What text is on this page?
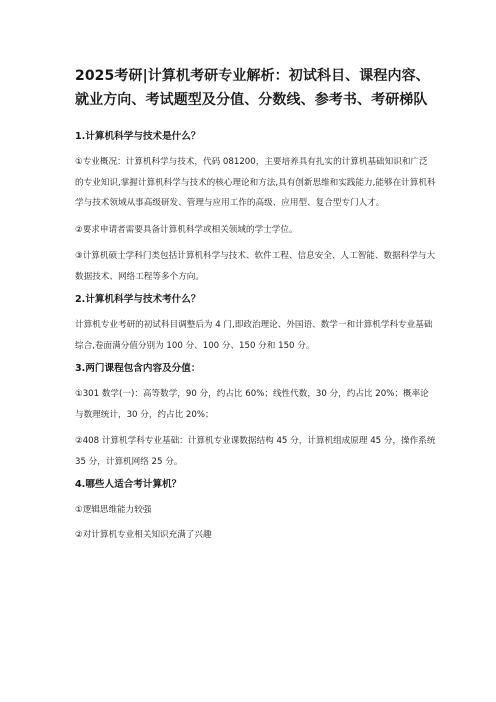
2025考研|计算机考研专业解析：初试科目、课程内容、就业方向、考试题型及分值、分数线、参考书、考研梯队
1.计算机科学与技术是什么？

①专业概况：计算机科学与技术，代码 081200，主要培养具有扎实的计算机基础知识和广泛的专业知识,掌握计算机科学与技术的核心理论和方法,具有创新思维和实践能力,能够在计算机科学与技术领域从事高级研发、管理与应用工作的高级、应用型、复合型专门人才。

②要求申请者需要具备计算机科学或相关领域的学士学位。

③计算机硕士学科门类包括计算机科学与技术、软件工程、信息安全、人工智能、数据科学与大数据技术、网络工程等多个方向。

2.计算机科学与技术考什么？

计算机专业考研的初试科目调整后为 4 门,即政治理论、外国语、数学一和计算机学科专业基础综合,卷面满分值分别为 100 分、100 分、150 分和 150 分。

3.两门课程包含内容及分值：

①301 数学(一)：高等数学，90 分，约占比 60%；线性代数，30 分，约占比 20%；概率论与数理统计，30 分，约占比 20%；

②408 计算机学科专业基础：计算机专业课数据结构 45 分，计算机组成原理 45 分，操作系统 35 分，计算机网络 25 分。

4.哪些人适合考计算机？

①逻辑思维能力较强

②对计算机专业相关知识充满了兴趣
